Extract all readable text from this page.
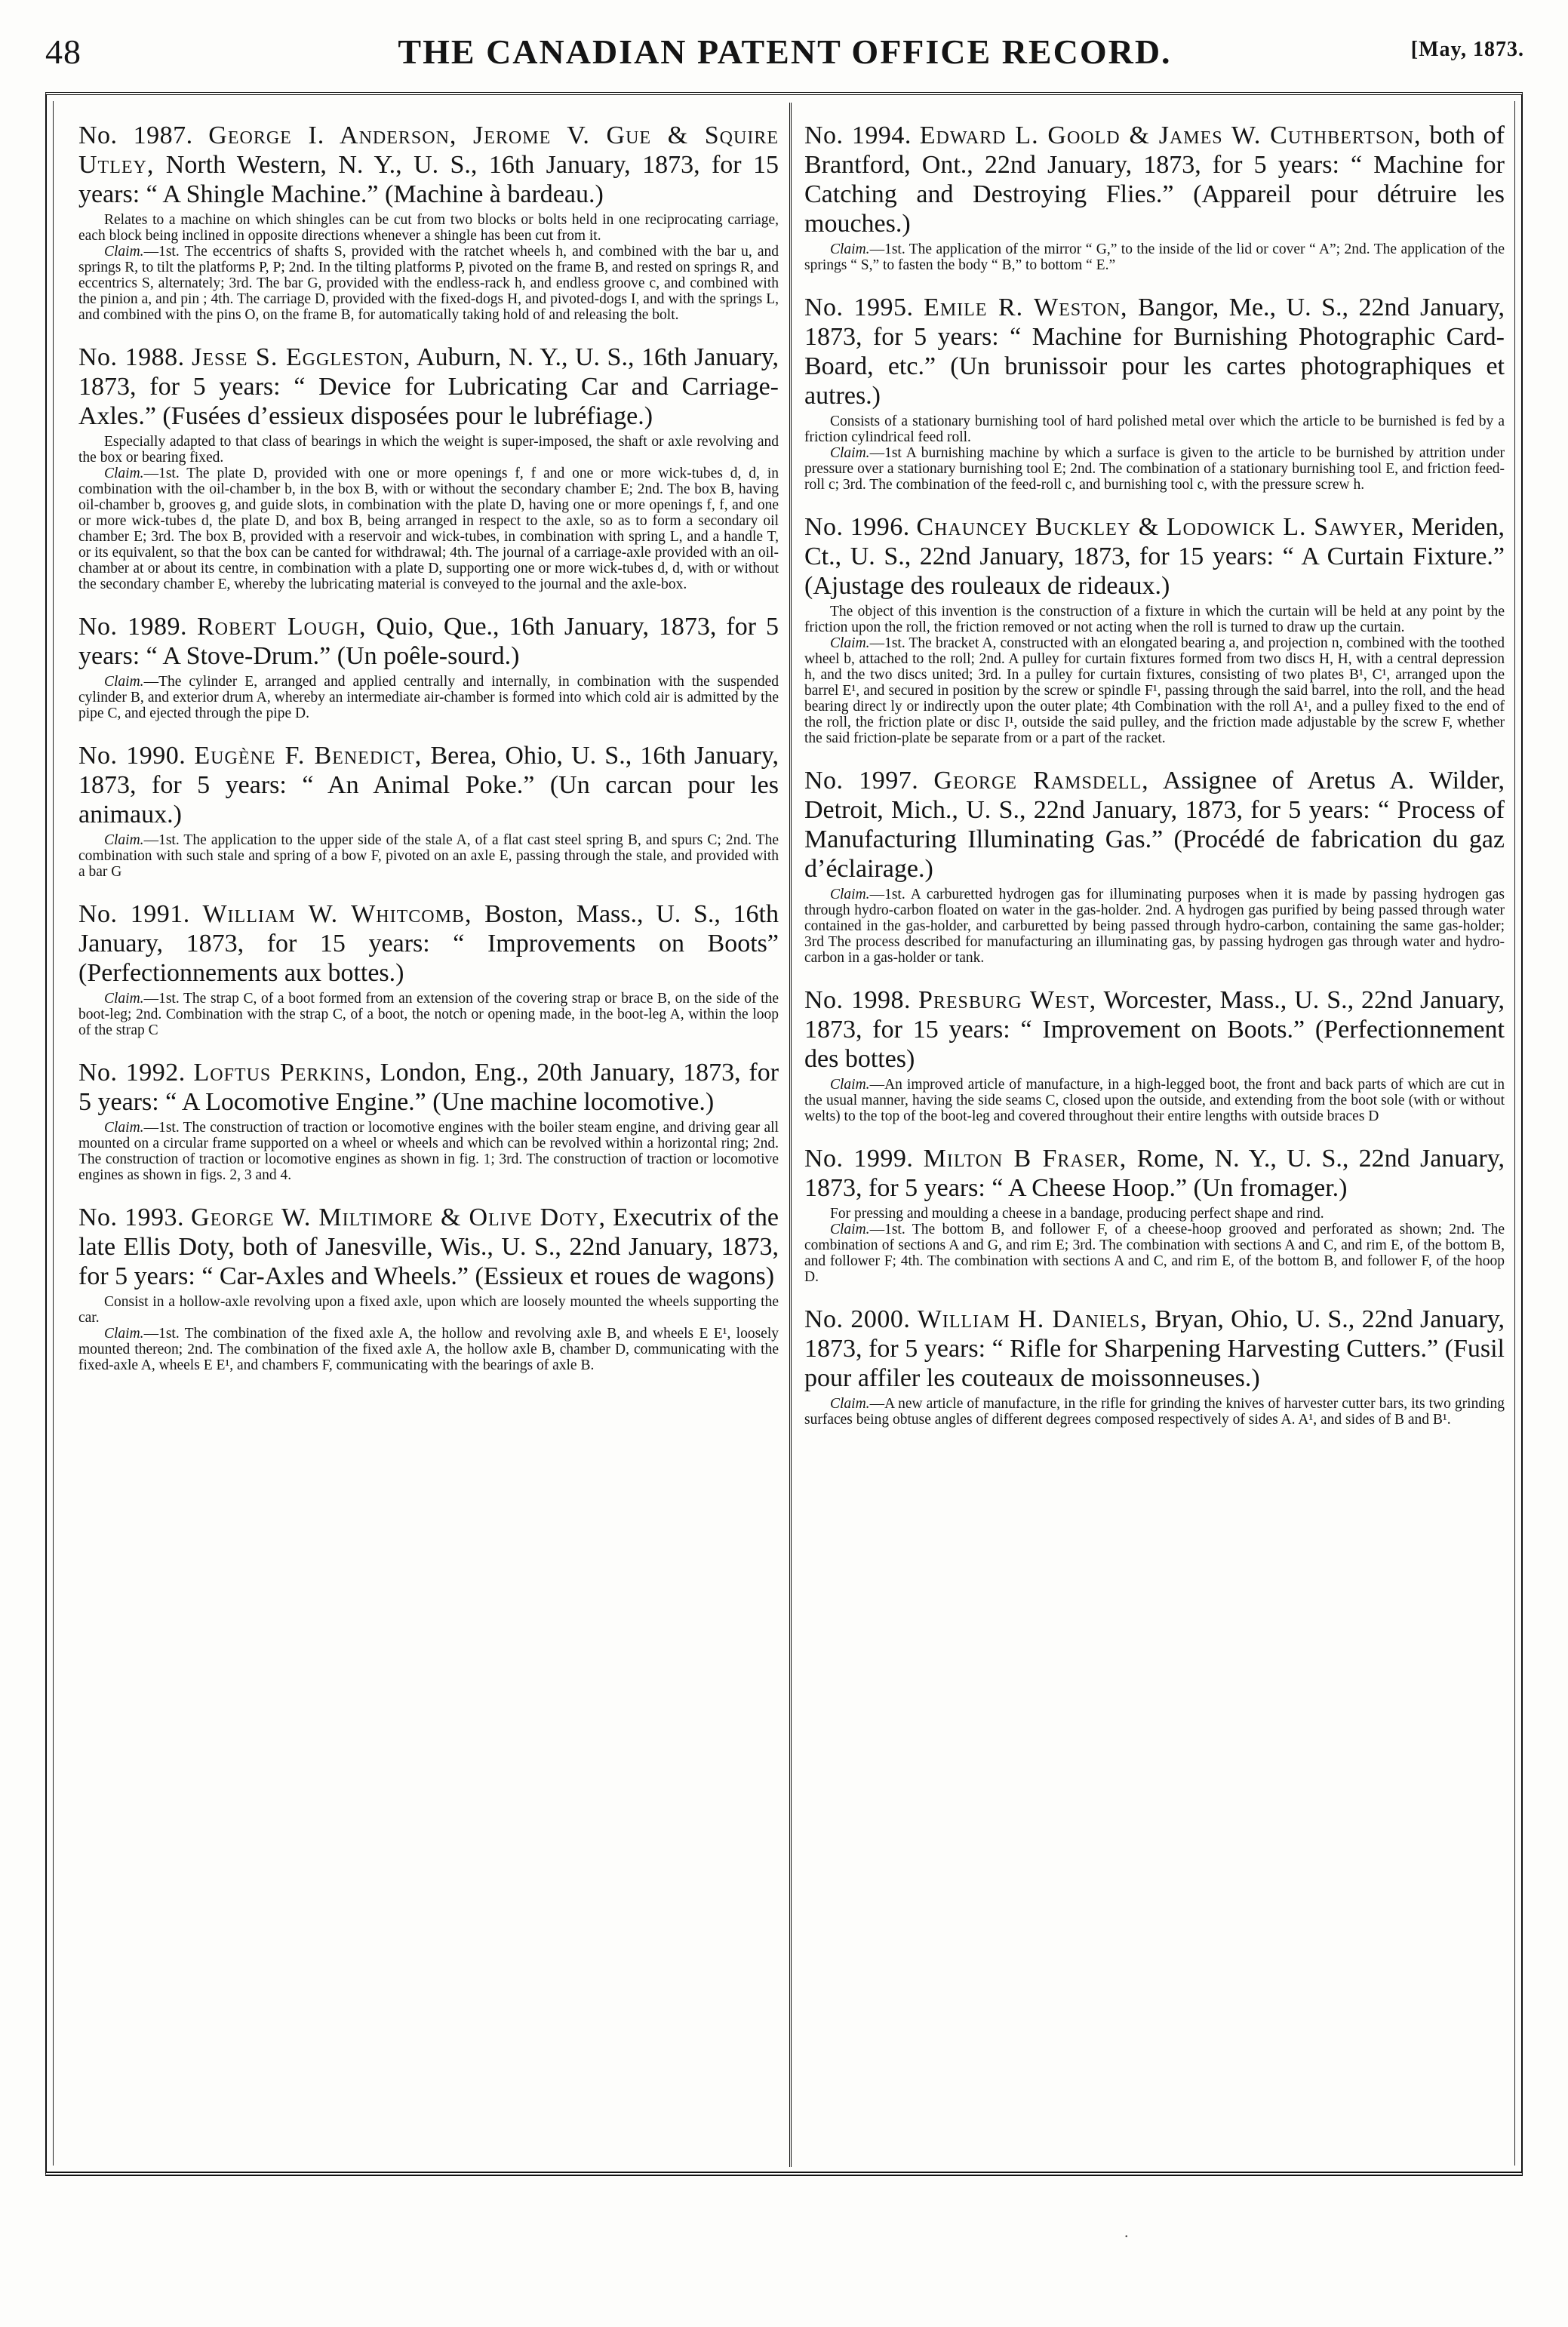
48	THE CANADIAN PATENT OFFICE RECORD.	[May, 1873.
No. 1987. George I. Anderson, Jerome V. Gue & Squire Utley, North Western, N. Y., U. S., 16th January, 1873, for 15 years: “ A Shingle Machine.” (Machine à bardeau.)

Relates to a machine on which shingles can be cut from two blocks or bolts held in one reciprocating carriage, each block being inclined in opposite directions whenever a shingle has been cut from it.

Claim.—1st. The eccentrics of shafts S, provided with the ratchet wheels h, and combined with the bar u, and springs R, to tilt the platforms P, P; 2nd. In the tilting platforms P, pivoted on the frame B, and rested on springs R, and eccentrics S, alternately; 3rd. The bar G, provided with the endless-rack h, and endless groove c, and combined with the pinion a, and pin ; 4th. The carriage D, provided with the fixed-dogs H, and pivoted-dogs I, and with the springs L, and combined with the pins O, on the frame B, for automatically taking hold of and releasing the bolt.

No. 1988. Jesse S. Eggleston, Auburn, N. Y., U. S., 16th January, 1873, for 5 years: “ Device for Lubricating Car and Carriage-Axles.” (Fusées d’essieux disposées pour le lubréfiage.)

Especially adapted to that class of bearings in which the weight is super-imposed, the shaft or axle revolving and the box or bearing fixed.

Claim.—1st. The plate D, provided with one or more openings f, f and one or more wick-tubes d, d, in combination with the oil-chamber b, in the box B, with or without the secondary chamber E; 2nd. The box B, having oil-chamber b, grooves g, and guide slots, in combination with the plate D, having one or more openings f, f, and one or more wick-tubes d, the plate D, and box B, being arranged in respect to the axle, so as to form a secondary oil chamber E; 3rd. The box B, provided with a reservoir and wick-tubes, in combination with spring L, and a handle T, or its equivalent, so that the box can be canted for withdrawal; 4th. The journal of a carriage-axle provided with an oil-chamber at or about its centre, in combination with a plate D, supporting one or more wick-tubes d, d, with or without the secondary chamber E, whereby the lubricating material is conveyed to the journal and the axle-box.

No. 1989. Robert Lough, Quio, Que., 16th January, 1873, for 5 years: “ A Stove-Drum.” (Un poêle-sourd.)

Claim.—The cylinder E, arranged and applied centrally and internally, in combination with the suspended cylinder B, and exterior drum A, whereby an intermediate air-chamber is formed into which cold air is admitted by the pipe C, and ejected through the pipe D.

No. 1990. Eugène F. Benedict, Berea, Ohio, U. S., 16th January, 1873, for 5 years: “ An Animal Poke.” (Un carcan pour les animaux.)

Claim.—1st. The application to the upper side of the stale A, of a flat cast steel spring B, and spurs C; 2nd. The combination with such stale and spring of a bow F, pivoted on an axle E, passing through the stale, and provided with a bar G

No. 1991. William W. Whitcomb, Boston, Mass., U. S., 16th January, 1873, for 15 years: “ Improvements on Boots” (Perfectionnements aux bottes.)

Claim.—1st. The strap C, of a boot formed from an extension of the covering strap or brace B, on the side of the boot-leg; 2nd. Combination with the strap C, of a boot, the notch or opening made, in the boot-leg A, within the loop of the strap C

No. 1992. Loftus Perkins, London, Eng., 20th January, 1873, for 5 years: “ A Locomotive Engine.” (Une machine locomotive.)

Claim.—1st. The construction of traction or locomotive engines with the boiler steam engine, and driving gear all mounted on a circular frame supported on a wheel or wheels and which can be revolved within a horizontal ring; 2nd. The construction of traction or locomotive engines as shown in fig. 1; 3rd. The construction of traction or locomotive engines as shown in figs. 2, 3 and 4.

No. 1993. George W. Miltimore & Olive Doty, Executrix of the late Ellis Doty, both of Janesville, Wis., U. S., 22nd January, 1873, for 5 years: “ Car-Axles and Wheels.” (Essieux et roues de wagons)

Consist in a hollow-axle revolving upon a fixed axle, upon which are loosely mounted the wheels supporting the car.

Claim.—1st. The combination of the fixed axle A, the hollow and revolving axle B, and wheels E E¹, loosely mounted thereon; 2nd. The combination of the fixed axle A, the hollow axle B, chamber D, communicating with the fixed-axle A, wheels E E¹, and chambers F, communicating with the bearings of axle B.

No. 1994. Edward L. Goold & James W. Cuthbertson, both of Brantford, Ont., 22nd January, 1873, for 5 years: “ Machine for Catching and Destroying Flies.” (Appareil pour détruire les mouches.)

Claim.—1st. The application of the mirror “ G,” to the inside of the lid or cover “ A”; 2nd. The application of the springs “ S,” to fasten the body “ B,” to bottom “ E.”

No. 1995. Emile R. Weston, Bangor, Me., U. S., 22nd January, 1873, for 5 years: “ Machine for Burnishing Photographic Card-Board, etc.” (Un brunissoir pour les cartes photographiques et autres.)

Consists of a stationary burnishing tool of hard polished metal over which the article to be burnished is fed by a friction cylindrical feed roll.

Claim.—1st A burnishing machine by which a surface is given to the article to be burnished by attrition under pressure over a stationary burnishing tool E; 2nd. The combination of a stationary burnishing tool E, and friction feed-roll c; 3rd. The combination of the feed-roll c, and burnishing tool c, with the pressure screw h.

No. 1996. Chauncey Buckley & Lodowick L. Sawyer, Meriden, Ct., U. S., 22nd January, 1873, for 15 years: “ A Curtain Fixture.” (Ajustage des rouleaux de rideaux.)

The object of this invention is the construction of a fixture in which the curtain will be held at any point by the friction upon the roll, the friction removed or not acting when the roll is turned to draw up the curtain.

Claim.—1st. The bracket A, constructed with an elongated bearing a, and projection n, combined with the toothed wheel b, attached to the roll; 2nd. A pulley for curtain fixtures formed from two discs H, H, with a central depression h, and the two discs united; 3rd. In a pulley for curtain fixtures, consisting of two plates B¹, C¹, arranged upon the barrel E¹, and secured in position by the screw or spindle F¹, passing through the said barrel, into the roll, and the head bearing direct ly or indirectly upon the outer plate; 4th Combination with the roll A¹, and a pulley fixed to the end of the roll, the friction plate or disc I¹, outside the said pulley, and the friction made adjustable by the screw F, whether the said friction-plate be separate from or a part of the racket.

No. 1997. George Ramsdell, Assignee of Aretus A. Wilder, Detroit, Mich., U. S., 22nd January, 1873, for 5 years: “ Process of Manufacturing Illuminating Gas.” (Procédé de fabrication du gaz d’éclairage.)

Claim.—1st. A carburetted hydrogen gas for illuminating purposes when it is made by passing hydrogen gas through hydro-carbon floated on water in the gas-holder. 2nd. A hydrogen gas purified by being passed through water contained in the gas-holder, and carburetted by being passed through hydro-carbon, containing the same gas-holder; 3rd The process described for manufacturing an illuminating gas, by passing hydrogen gas through water and hydro-carbon in a gas-holder or tank.

No. 1998. Presburg West, Worcester, Mass., U. S., 22nd January, 1873, for 15 years: “ Improvement on Boots.” (Perfectionnement des bottes)

Claim.—An improved article of manufacture, in a high-legged boot, the front and back parts of which are cut in the usual manner, having the side seams C, closed upon the outside, and extending from the boot sole (with or without welts) to the top of the boot-leg and covered throughout their entire lengths with outside braces D

No. 1999. Milton B Fraser, Rome, N. Y., U. S., 22nd January, 1873, for 5 years: “ A Cheese Hoop.” (Un fromager.)

For pressing and moulding a cheese in a bandage, producing perfect shape and rind.

Claim.—1st. The bottom B, and follower F, of a cheese-hoop grooved and perforated as shown; 2nd. The combination of sections A and G, and rim E; 3rd. The combination with sections A and C, and rim E, of the bottom B, and follower F; 4th. The combination with sections A and C, and rim E, of the bottom B, and follower F, of the hoop D.

No. 2000. William H. Daniels, Bryan, Ohio, U. S., 22nd January, 1873, for 5 years: “ Rifle for Sharpening Harvesting Cutters.” (Fusil pour affiler les couteaux de moissonneuses.)

Claim.—A new article of manufacture, in the rifle for grinding the knives of harvester cutter bars, its two grinding surfaces being obtuse angles of different degrees composed respectively of sides A. A¹, and sides of B and B¹.

.
